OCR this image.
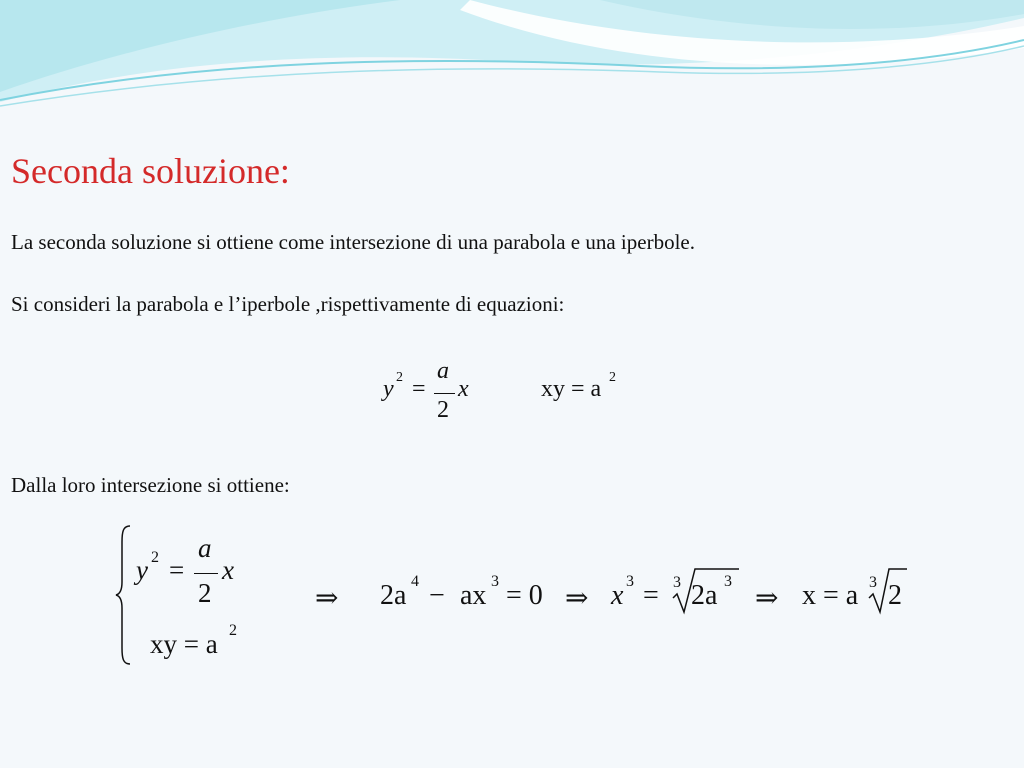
Seconda soluzione:
La seconda soluzione si ottiene come intersezione di una parabola e una iperbole.
Si consideri la parabola e l’iperbole ,rispettivamente di equazioni:
Dalla loro intersezione si ottiene:
y 2 =
a
2
x	xy = a 2
y 2 =
a
2
x
xy = a 2
⇒ 2a 4 − ax 3 = 0 ⇒ x 3 = 3 2a 3
⇒ x = a 3 2
